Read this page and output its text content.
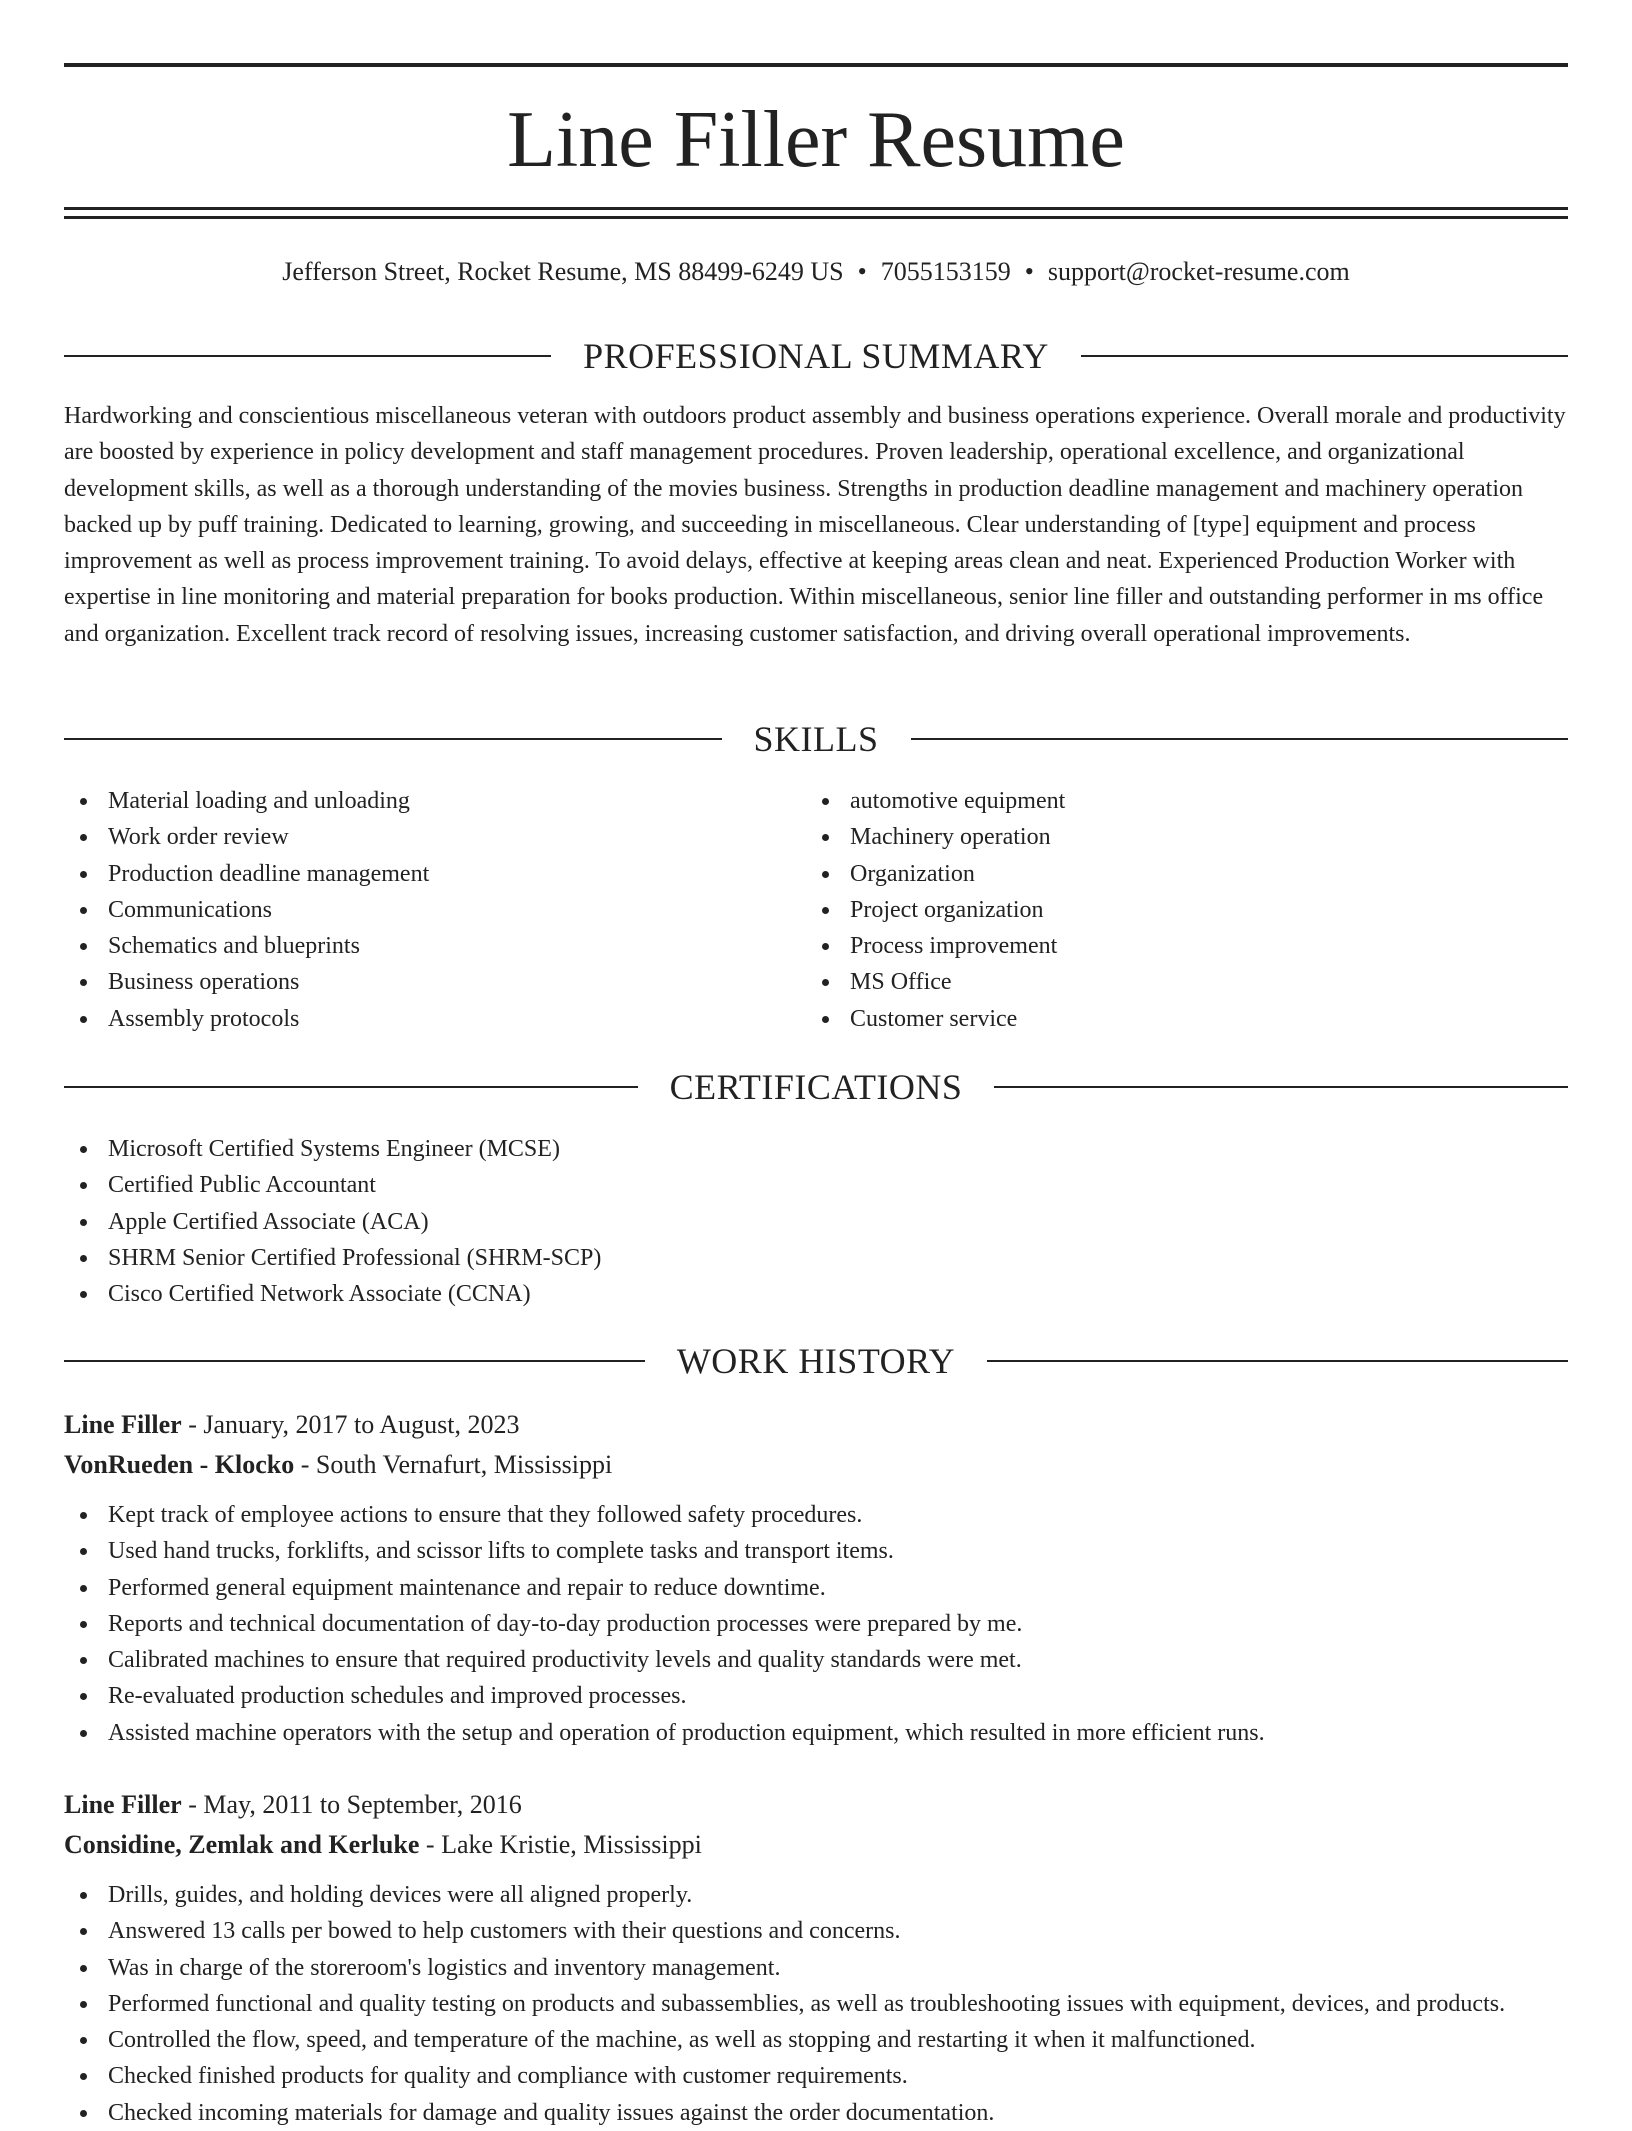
Line Filler Resume
Jefferson Street, Rocket Resume, MS 88499-6249 US • 7055153159 • support@rocket-resume.com
PROFESSIONAL SUMMARY

Hardworking and conscientious miscellaneous veteran with outdoors product assembly and business operations experience. Overall morale and productivity are boosted by experience in policy development and staff management procedures. Proven leadership, operational excellence, and organizational development skills, as well as a thorough understanding of the movies business. Strengths in production deadline management and machinery operation backed up by puff training. Dedicated to learning, growing, and succeeding in miscellaneous. Clear understanding of [type] equipment and process improvement as well as process improvement training. To avoid delays, effective at keeping areas clean and neat. Experienced Production Worker with expertise in line monitoring and material preparation for books production. Within miscellaneous, senior line filler and outstanding performer in ms office and organization. Excellent track record of resolving issues, increasing customer satisfaction, and driving overall operational improvements.

SKILLS
Material loading and unloading
Work order review
Production deadline management
Communications
Schematics and blueprints
Business operations
Assembly protocols
automotive equipment
Machinery operation
Organization
Project organization
Process improvement
MS Office
Customer service
CERTIFICATIONS
Microsoft Certified Systems Engineer (MCSE)
Certified Public Accountant
Apple Certified Associate (ACA)
SHRM Senior Certified Professional (SHRM-SCP)
Cisco Certified Network Associate (CCNA)
WORK HISTORY
Line Filler - January, 2017 to August, 2023
VonRueden - Klocko - South Vernafurt, Mississippi
Kept track of employee actions to ensure that they followed safety procedures.
Used hand trucks, forklifts, and scissor lifts to complete tasks and transport items.
Performed general equipment maintenance and repair to reduce downtime.
Reports and technical documentation of day-to-day production processes were prepared by me.
Calibrated machines to ensure that required productivity levels and quality standards were met.
Re-evaluated production schedules and improved processes.
Assisted machine operators with the setup and operation of production equipment, which resulted in more efficient runs.
Line Filler - May, 2011 to September, 2016
Considine, Zemlak and Kerluke - Lake Kristie, Mississippi
Drills, guides, and holding devices were all aligned properly.
Answered 13 calls per bowed to help customers with their questions and concerns.
Was in charge of the storeroom's logistics and inventory management.
Performed functional and quality testing on products and subassemblies, as well as troubleshooting issues with equipment, devices, and products.
Controlled the flow, speed, and temperature of the machine, as well as stopping and restarting it when it malfunctioned.
Checked finished products for quality and compliance with customer requirements.
Checked incoming materials for damage and quality issues against the order documentation.
